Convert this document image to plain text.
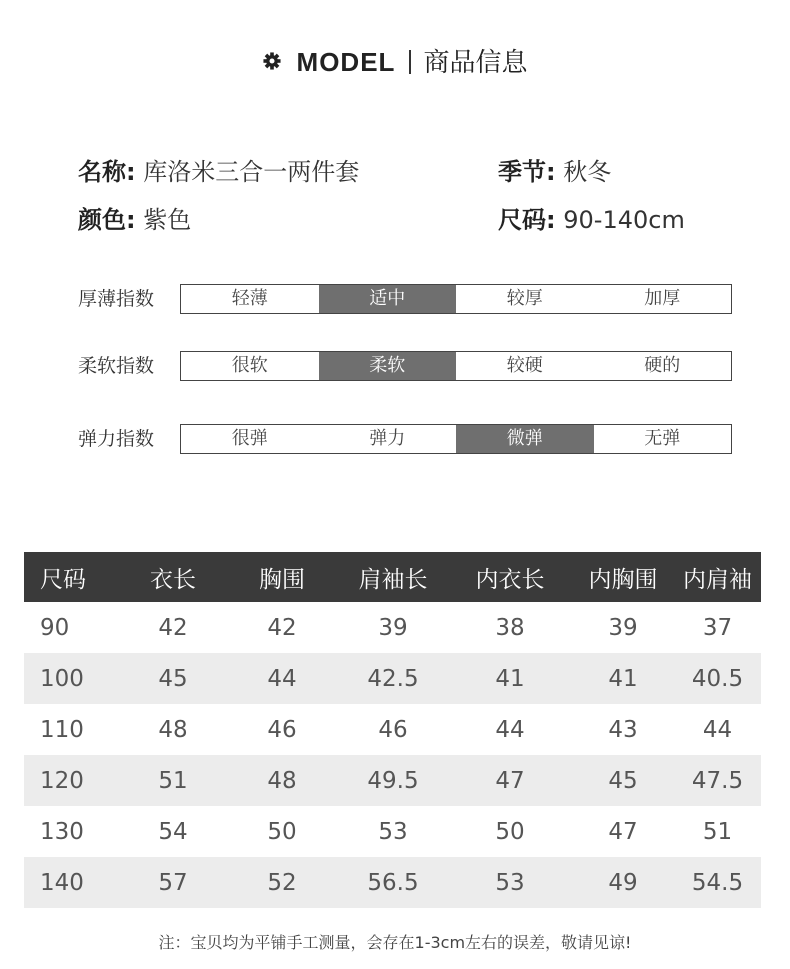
MODEL 商品信息
名称: 库洛米三合一两件套	季节: 秋冬
颜色: 紫色	尺码: 90-140cm
厚薄指数	轻薄	适中	较厚	加厚
柔软指数	很软	柔软	较硬	硬的
弹力指数	很弹	弹力	微弹	无弹
尺码	衣长	胸围	肩袖长	内衣长	内胸围	内肩袖
90	42	42	39	38	39	37
100	45	44	42.5	41	41	40.5
110	48	46	46	44	43	44
120	51	48	49.5	47	45	47.5
130	54	50	53	50	47	51
140	57	52	56.5	53	49	54.5
注：宝贝均为平铺手工测量，会存在1-3cm左右的误差，敬请见谅!
